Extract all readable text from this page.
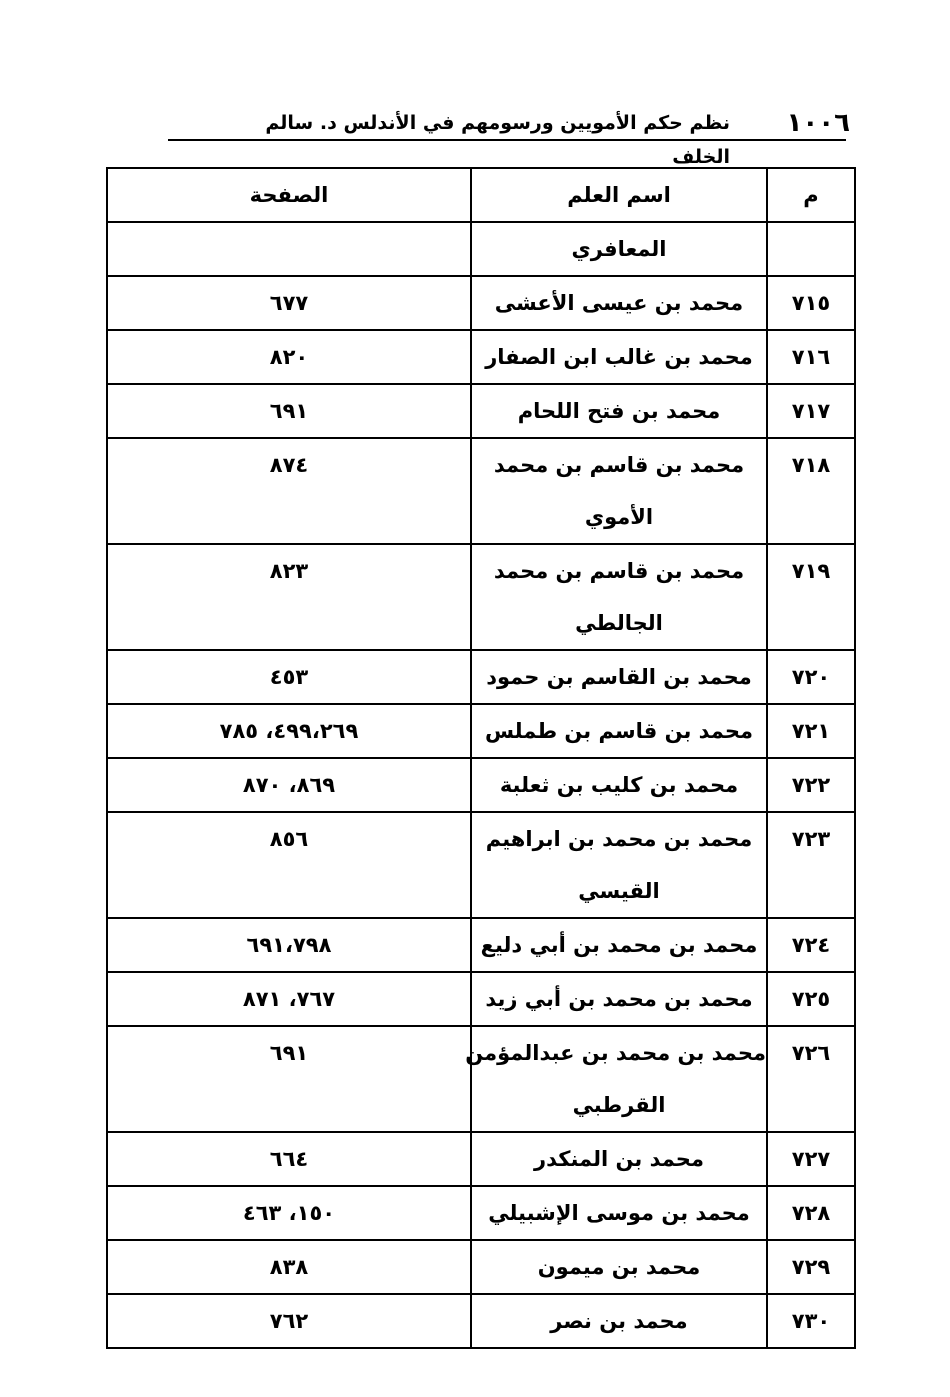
١٠٠٦
نظم حكم الأمويين ورسومهم في الأندلس د. سالم الخلف
م	اسم العلم	الصفحة

	المعافري	

٧١٥	محمد بن عيسى الأعشى	٦٧٧

٧١٦	محمد بن غالب ابن الصفار	٨٢٠

٧١٧	محمد بن فتح اللحام	٦٩١

٧١٨	محمد بن قاسم بن محمد
الأموي	٨٧٤

٧١٩	محمد بن قاسم بن محمد
الجالطي	٨٢٣

٧٢٠	محمد بن القاسم بن حمود	٤٥٣

٧٢١	محمد بن قاسم بن طملس	٤٩٩،٢٦٩، ٧٨٥

٧٢٢	محمد بن كليب بن ثعلبة	٨٦٩، ٨٧٠

٧٢٣	محمد بن محمد بن ابراهيم
القيسي	٨٥٦

٧٢٤	محمد بن محمد بن أبي دليع	٦٩١،٧٩٨

٧٢٥	محمد بن محمد بن أبي زيد	٧٦٧، ٨٧١

٧٢٦	محمد بن محمد بن عبدالمؤمن
القرطبي	٦٩١

٧٢٧	محمد بن المنكدر	٦٦٤

٧٢٨	محمد بن موسى الإشبيلي	١٥٠، ٤٦٣

٧٢٩	محمد بن ميمون	٨٣٨

٧٣٠	محمد بن نصر	٧٦٢
